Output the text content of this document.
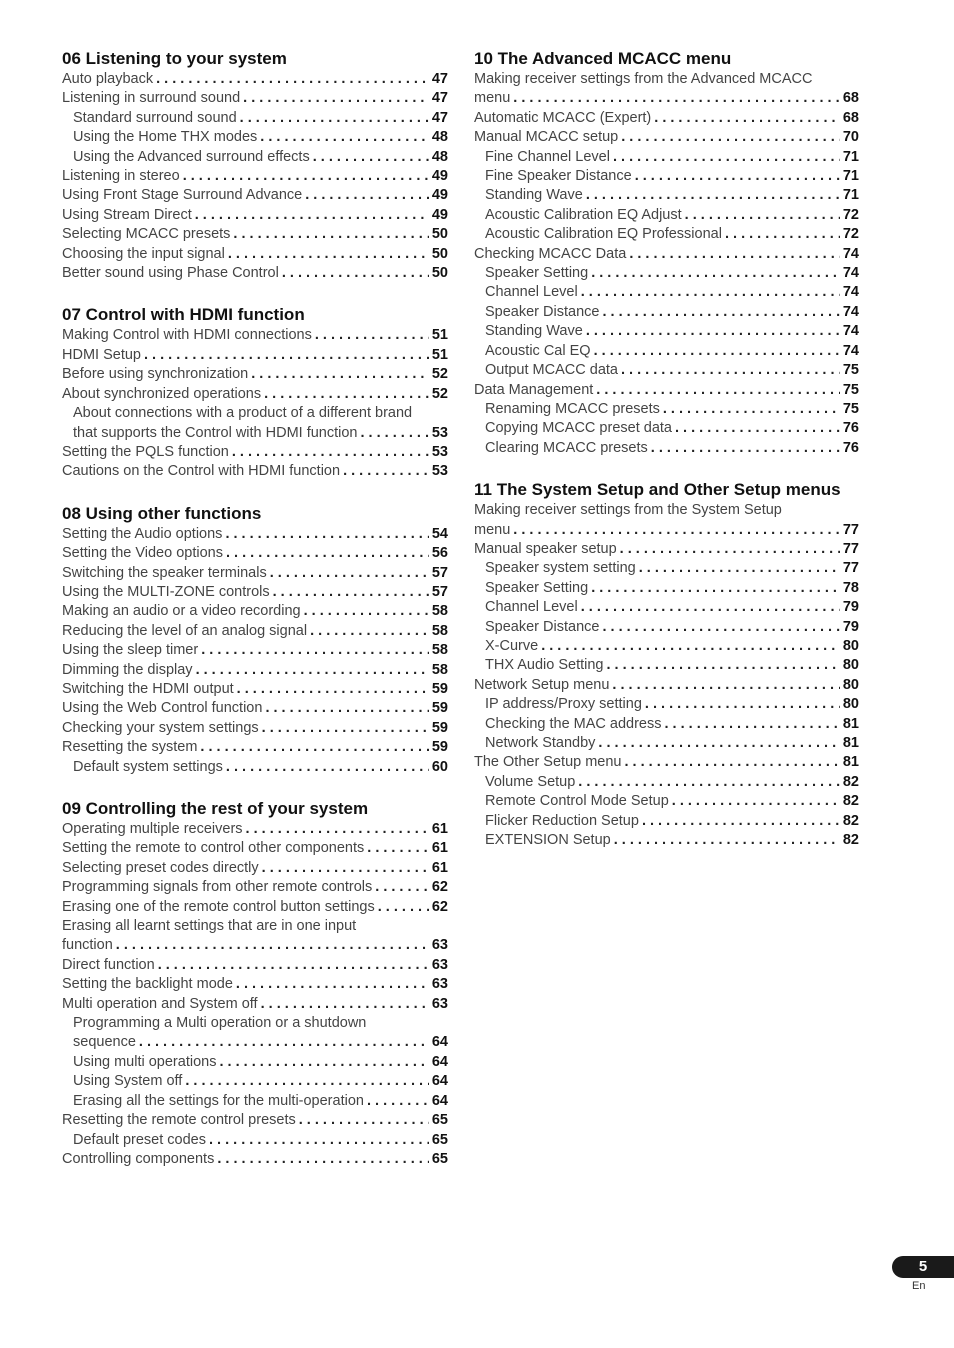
06 Listening to your system
Auto playback . . .	47
Listening in surround sound . . .	47
Standard surround sound . . .	47
Using the Home THX modes . . .	48
Using the Advanced surround effects . . .	48
Listening in stereo . . .	49
Using Front Stage Surround Advance . . .	49
Using Stream Direct . . .	49
Selecting MCACC presets . . .	50
Choosing the input signal . . .	50
Better sound using Phase Control . . .	50
07 Control with HDMI function
Making Control with HDMI connections . . .	51
HDMI Setup . . .	51
Before using synchronization . . .	52
About synchronized operations . . .	52
About connections with a product of a different brand
that supports the Control with HDMI function . . .	53
Setting the PQLS function . . .	53
Cautions on the Control with HDMI function . . .	53
08 Using other functions
Setting the Audio options . . .	54
Setting the Video options . . .	56
Switching the speaker terminals . . .	57
Using the MULTI-ZONE controls . . .	57
Making an audio or a video recording . . .	58
Reducing the level of an analog signal . . .	58
Using the sleep timer . . .	58
Dimming the display . . .	58
Switching the HDMI output . . .	59
Using the Web Control function . . .	59
Checking your system settings . . .	59
Resetting the system . . .	59
Default system settings . . .	60
09 Controlling the rest of your system
Operating multiple receivers . . .	61
Setting the remote to control other components . . .	61
Selecting preset codes directly . . .	61
Programming signals from other remote controls . . .	62
Erasing one of the remote control button settings . . .	62
Erasing all learnt settings that are in one input
function . . .	63
Direct function . . .	63
Setting the backlight mode . . .	63
Multi operation and System off . . .	63
Programming a Multi operation or a shutdown
sequence . . .	64
Using multi operations . . .	64
Using System off . . .	64
Erasing all the settings for the multi-operation . . .	64
Resetting the remote control presets . . .	65
Default preset codes . . .	65
Controlling components . . .	65
10 The Advanced MCACC menu
Making receiver settings from the Advanced MCACC
menu . . .	68
Automatic MCACC (Expert) . . .	68
Manual MCACC setup . . .	70
Fine Channel Level . . .	71
Fine Speaker Distance . . .	71
Standing Wave . . .	71
Acoustic Calibration EQ Adjust . . .	72
Acoustic Calibration EQ Professional . . .	72
Checking MCACC Data . . .	74
Speaker Setting . . .	74
Channel Level . . .	74
Speaker Distance . . .	74
Standing Wave . . .	74
Acoustic Cal EQ . . .	74
Output MCACC data . . .	75
Data Management . . .	75
Renaming MCACC presets . . .	75
Copying MCACC preset data . . .	76
Clearing MCACC presets . . .	76
11 The System Setup and Other Setup menus
Making receiver settings from the System Setup
menu . . .	77
Manual speaker setup . . .	77
Speaker system setting . . .	77
Speaker Setting . . .	78
Channel Level . . .	79
Speaker Distance . . .	79
X-Curve . . .	80
THX Audio Setting . . .	80
Network Setup menu . . .	80
IP address/Proxy setting . . .	80
Checking the MAC address . . .	81
Network Standby . . .	81
The Other Setup menu . . .	81
Volume Setup . . .	82
Remote Control Mode Setup . . .	82
Flicker Reduction Setup . . .	82
EXTENSION Setup . . .	82
5
En
